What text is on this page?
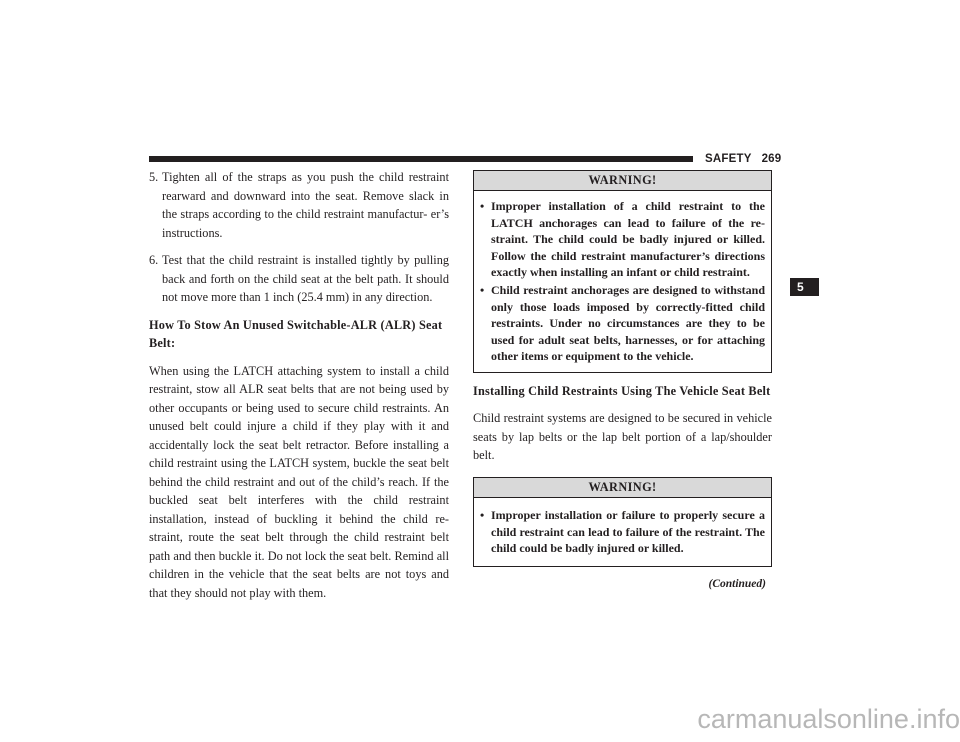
SAFETY 269
5
5. Tighten all of the straps as you push the child restraint rearward and downward into the seat. Remove slack in the straps according to the child restraint manufactur- er’s instructions.
6. Test that the child restraint is installed tightly by pulling back and forth on the child seat at the belt path. It should not move more than 1 inch (25.4 mm) in any direction.
How To Stow An Unused Switchable-ALR (ALR) Seat Belt:

When using the LATCH attaching system to install a child restraint, stow all ALR seat belts that are not being used by other occupants or being used to secure child restraints. An unused belt could injure a child if they play with it and accidentally lock the seat belt retractor. Before installing a child restraint using the LATCH system, buckle the seat belt behind the child restraint and out of the child’s reach. If the buckled seat belt interferes with the child restraint installation, instead of buckling it behind the child re- straint, route the seat belt through the child restraint belt path and then buckle it. Do not lock the seat belt. Remind all children in the vehicle that the seat belts are not toys and that they should not play with them.

WARNING!
• Improper installation of a child restraint to the LATCH anchorages can lead to failure of the re- straint. The child could be badly injured or killed. Follow the child restraint manufacturer’s directions exactly when installing an infant or child restraint.
• Child restraint anchorages are designed to withstand only those loads imposed by correctly-fitted child restraints. Under no circumstances are they to be used for adult seat belts, harnesses, or for attaching other items or equipment to the vehicle.
Installing Child Restraints Using The Vehicle Seat Belt

Child restraint systems are designed to be secured in vehicle seats by lap belts or the lap belt portion of a lap/shoulder belt.

WARNING!
• Improper installation or failure to properly secure a child restraint can lead to failure of the restraint. The child could be badly injured or killed.
(Continued)
carmanualsonline.info
